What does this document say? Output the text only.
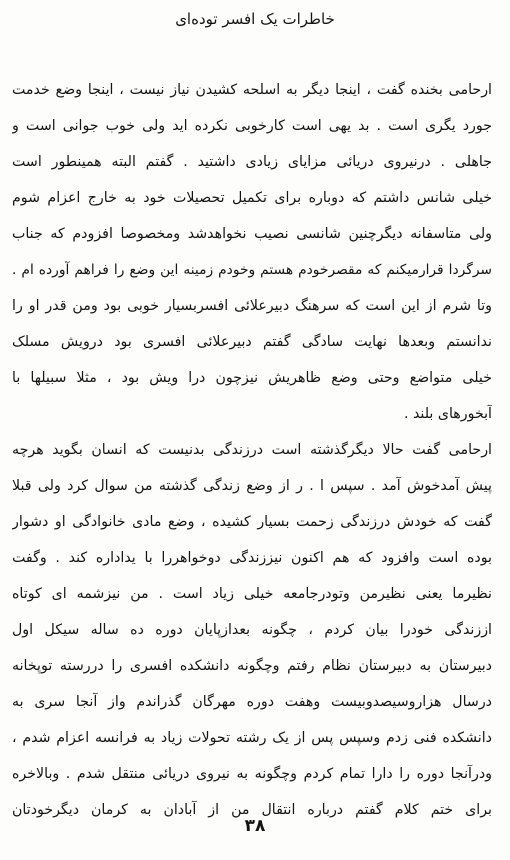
خاطرات یک افسر توده‌ای
ارحامی بخنده گفت ، اینجا دیگر به اسلحه کشیدن نیاز نیست ، اینجا وضع خدمت
جورد یگری است . بد یهی است کارخوبی نکرده اید ولی خوب جوانی است و
جاهلی . درنیروی دریائی مزایای زیادی داشتید . گفتم البته همینطور است
خیلی شانس داشتم که دوباره برای تکمیل تحصیلات خود به خارج اعزام شوم
ولی متاسفانه دیگرچنین شانسی نصیب نخواهدشد ومخصوصا افزودم که جناب
سرگردا قرارمیکنم که مقصرخودم هستم وخودم زمینه این وضع را فراهم آورده ام .
وتا شرم از این است که سرهنگ دبیرعلائی افسربسیار خوبی بود ومن قدر او را
ندانستم وبعدها نهایت سادگی گفتم دبیرعلائی افسری بود درویش مسلک
خیلی متواضع وحتی وضع ظاهریش نیزچون درا ویش بود ، مثلا سبیلها با
آبخورهای بلند .
ارحامی گفت حالا دیگرگذشته است درزندگی بدنیست که انسان بگوید هرچه
پیش آمدخوش آمد . سپس ا . ر از وضع زندگی گذشته من سوال کرد ولی قبلا
گفت که خودش درزندگی زحمت بسیار کشیده ، وضع مادی خانوادگی او دشوار
بوده است وافزود که هم اکنون نیززندگی دوخواهررا با یداداره کند . وگفت
نظیرما یعنی نظیرمن وتودرجامعه خیلی زیاد است . من نیزشمه ای کوتاه
اززندگی خودرا بیان کردم ، چگونه بعدازپایان دوره ده ساله سیکل اول
دبیرستان به دبیرستان نظام رفتم وچگونه دانشکده افسری را دررسته توپخانه
درسال هزاروسیصدوبیست وهفت دوره مهرگان گذراندم واز آنجا سری به
دانشکده فنی زدم وسپس پس از یک رشته تحولات زیاد به فرانسه اعزام شدم ،
ودرآنجا دوره را دارا تمام کردم وچگونه به نیروی دریائی منتقل شدم . وبالاخره
برای ختم کلام گفتم درباره انتقال من از آبادان به کرمان دیگرخودتان
۳۸
